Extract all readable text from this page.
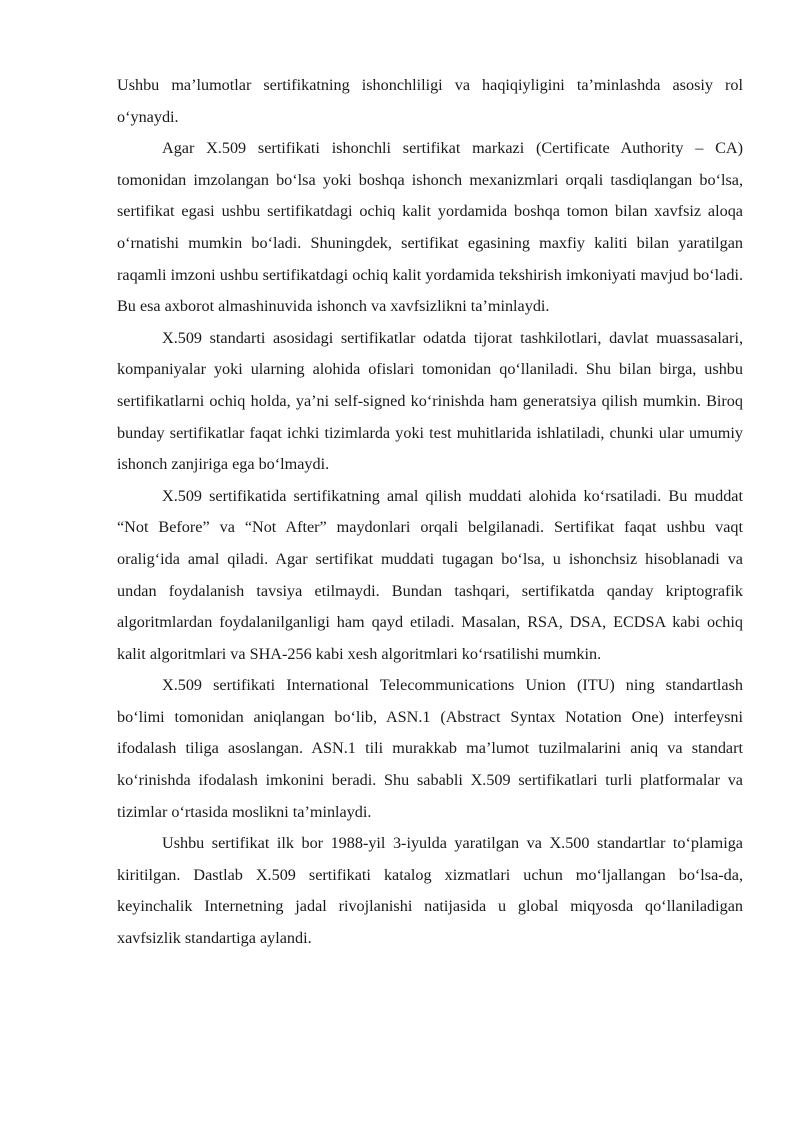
Ushbu maʼlumotlar sertifikatning ishonchliligi va haqiqiyligini taʼminlashda asosiy rol oʻynaydi.

Agar X.509 sertifikati ishonchli sertifikat markazi (Certificate Authority – CA) tomonidan imzolangan boʻlsa yoki boshqa ishonch mexanizmlari orqali tasdiqlangan boʻlsa, sertifikat egasi ushbu sertifikatdagi ochiq kalit yordamida boshqa tomon bilan xavfsiz aloqa oʻrnatishi mumkin boʻladi. Shuningdek, sertifikat egasining maxfiy kaliti bilan yaratilgan raqamli imzoni ushbu sertifikatdagi ochiq kalit yordamida tekshirish imkoniyati mavjud boʻladi. Bu esa axborot almashinuvida ishonch va xavfsizlikni taʼminlaydi.

X.509 standarti asosidagi sertifikatlar odatda tijorat tashkilotlari, davlat muassasalari, kompaniyalar yoki ularning alohida ofislari tomonidan qoʻllaniladi. Shu bilan birga, ushbu sertifikatlarni ochiq holda, yaʼni self-signed koʻrinishda ham generatsiya qilish mumkin. Biroq bunday sertifikatlar faqat ichki tizimlarda yoki test muhitlarida ishlatiladi, chunki ular umumiy ishonch zanjiriga ega boʻlmaydi.

X.509 sertifikatida sertifikatning amal qilish muddati alohida koʻrsatiladi. Bu muddat “Not Before” va “Not After” maydonlari orqali belgilanadi. Sertifikat faqat ushbu vaqt oraligʻida amal qiladi. Agar sertifikat muddati tugagan boʻlsa, u ishonchsiz hisoblanadi va undan foydalanish tavsiya etilmaydi. Bundan tashqari, sertifikatda qanday kriptografik algoritmlardan foydalanilganligi ham qayd etiladi. Masalan, RSA, DSA, ECDSA kabi ochiq kalit algoritmlari va SHA-256 kabi xesh algoritmlari koʻrsatilishi mumkin.

X.509 sertifikati International Telecommunications Union (ITU) ning standartlash boʻlimi tomonidan aniqlangan boʻlib, ASN.1 (Abstract Syntax Notation One) interfeysni ifodalash tiliga asoslangan. ASN.1 tili murakkab maʼlumot tuzilmalarini aniq va standart koʻrinishda ifodalash imkonini beradi. Shu sababli X.509 sertifikatlari turli platformalar va tizimlar oʻrtasida moslikni taʼminlaydi.

Ushbu sertifikat ilk bor 1988-yil 3-iyulda yaratilgan va X.500 standartlar toʻplamiga kiritilgan. Dastlab X.509 sertifikati katalog xizmatlari uchun moʻljallangan boʻlsa-da, keyinchalik Internetning jadal rivojlanishi natijasida u global miqyosda qoʻllaniladigan xavfsizlik standartiga aylandi.
